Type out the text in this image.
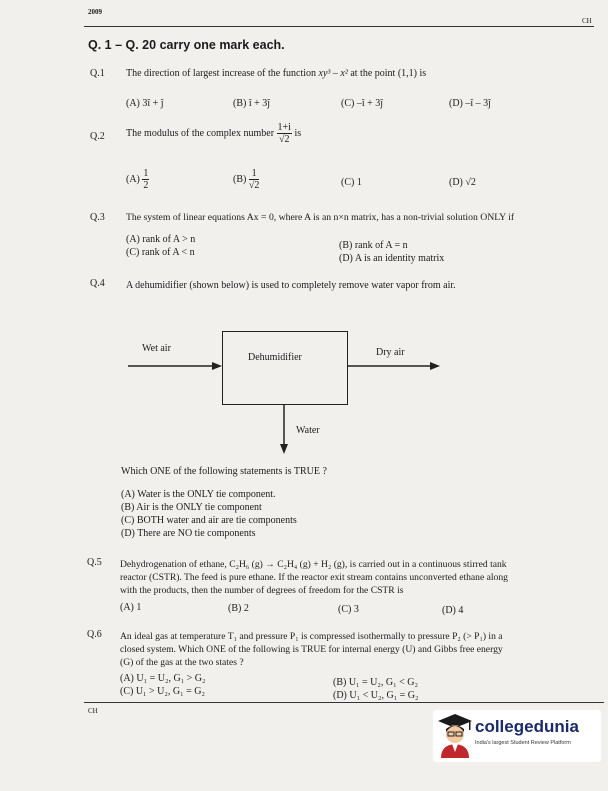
2009
CH
Q. 1 – Q. 20 carry one mark each.
Q.1 The direction of largest increase of the function xy³ – x² at the point (1,1) is
(A) 3î + ĵ	(B) î + 3ĵ	(C) –î + 3ĵ	(D) –î – 3ĵ
Q.2 The modulus of the complex number $\frac{1+i}{√2}$ is
$(A) \frac{1}{2}$	$(B) \frac{1}{√2}$	(C) 1	(D) √2
Q.3 The system of linear equations Ax = 0, where A is an n×n matrix, has a non-trivial solution ONLY if
(A) rank of A > n
(B) rank of A = n
(C) rank of A < n
(D) A is an identity matrix
Q.4 A dehumidifier (shown below) is used to completely remove water vapor from air.
Dehumidifier
Wet air	Dry air
Water
Which ONE of the following statements is TRUE ?
(A) Water is the ONLY tie component.
(B) Air is the ONLY tie component
(C) BOTH water and air are tie components
(D) There are NO tie components
Q.5 Dehydrogenation of ethane, C₂H₆ (g) → C₂H₄ (g) + H₂ (g), is carried out in a continuous stirred tank
reactor (CSTR). The feed is pure ethane. If the reactor exit stream contains unconverted ethane along
with the products, then the number of degrees of freedom for the CSTR is
(A) 1	(B) 2	(C) 3	(D) 4
Q.6 An ideal gas at temperature T₁ and pressure P₁ is compressed isothermally to pressure P₂ (> P₁) in a
closed system. Which ONE of the following is TRUE for internal energy (U) and Gibbs free energy
(G) of the gas at the two states ?
(A) U₁ = U₂, G₁ > G₂	(B) U₁ = U₂, G₁ < G₂
(C) U₁ > U₂, G₁ = G₂	(D) U₁ < U₂, G₁ = G₂
CH
collegedunia
India's largest Student Review Platform
